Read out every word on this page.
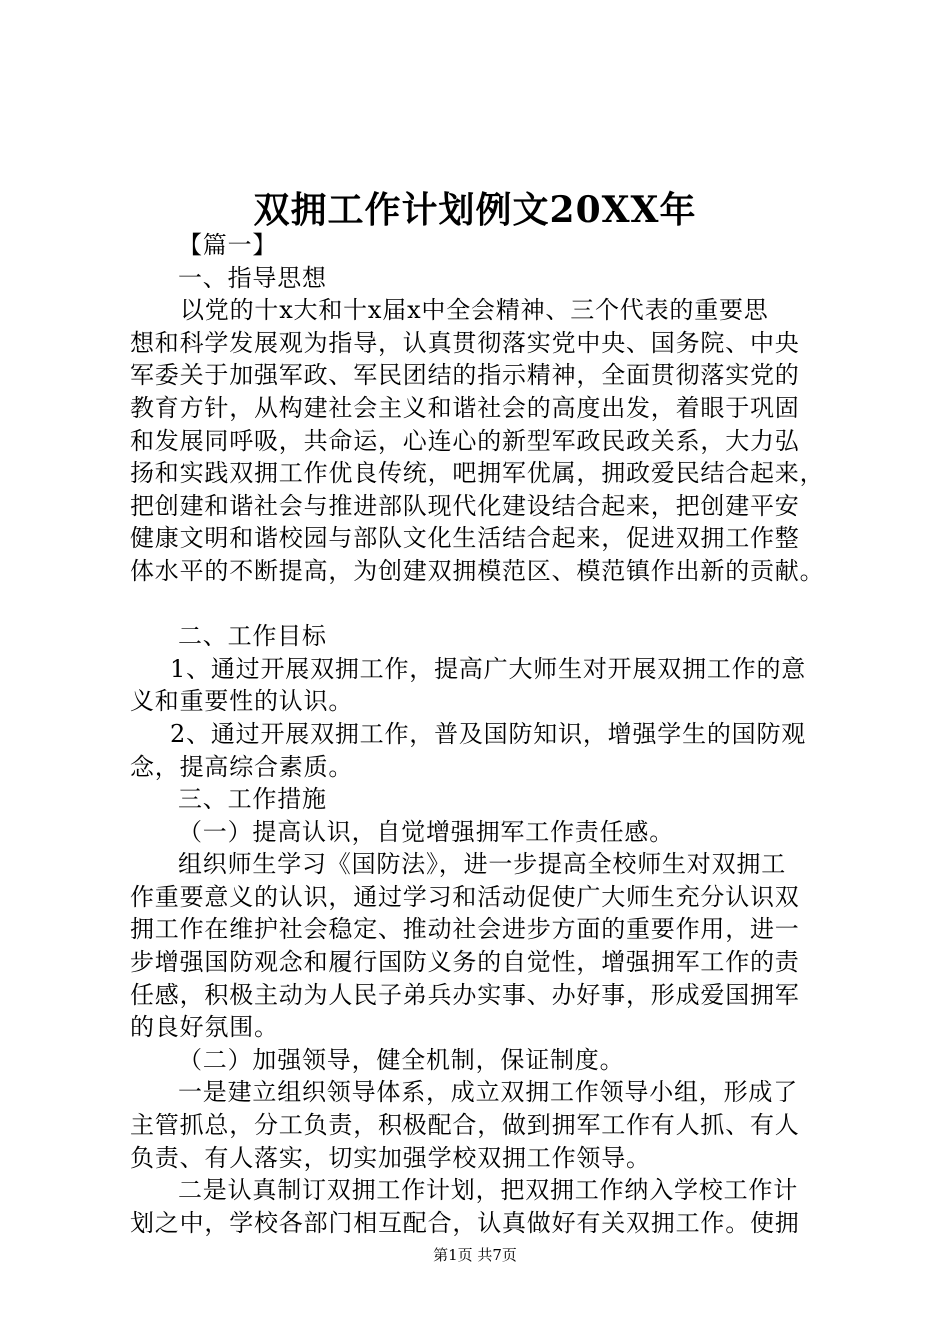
双拥工作计划例文20XX年
【篇一】
一、指导思想
以党的十x大和十x届x中全会精神、三个代表的重要思
想和科学发展观为指导，认真贯彻落实党中央、国务院、中央
军委关于加强军政、军民团结的指示精神，全面贯彻落实党的
教育方针，从构建社会主义和谐社会的高度出发，着眼于巩固
和发展同呼吸，共命运，心连心的新型军政民政关系，大力弘
扬和实践双拥工作优良传统，吧拥军优属，拥政爱民结合起来，
把创建和谐社会与推进部队现代化建设结合起来，把创建平安
健康文明和谐校园与部队文化生活结合起来，促进双拥工作整
体水平的不断提高，为创建双拥模范区、模范镇作出新的贡献。
二、工作目标
1、通过开展双拥工作，提高广大师生对开展双拥工作的意
义和重要性的认识。
2、通过开展双拥工作，普及国防知识，增强学生的国防观
念，提高综合素质。
三、工作措施
（一）提高认识，自觉增强拥军工作责任感。
组织师生学习《国防法》，进一步提高全校师生对双拥工
作重要意义的认识，通过学习和活动促使广大师生充分认识双
拥工作在维护社会稳定、推动社会进步方面的重要作用，进一
步增强国防观念和履行国防义务的自觉性，增强拥军工作的责
任感，积极主动为人民子弟兵办实事、办好事，形成爱国拥军
的良好氛围。
（二）加强领导，健全机制，保证制度。
一是建立组织领导体系，成立双拥工作领导小组，形成了
主管抓总，分工负责，积极配合，做到拥军工作有人抓、有人
负责、有人落实，切实加强学校双拥工作领导。
二是认真制订双拥工作计划，把双拥工作纳入学校工作计
划之中，学校各部门相互配合，认真做好有关双拥工作。使拥
第1页 共7页
